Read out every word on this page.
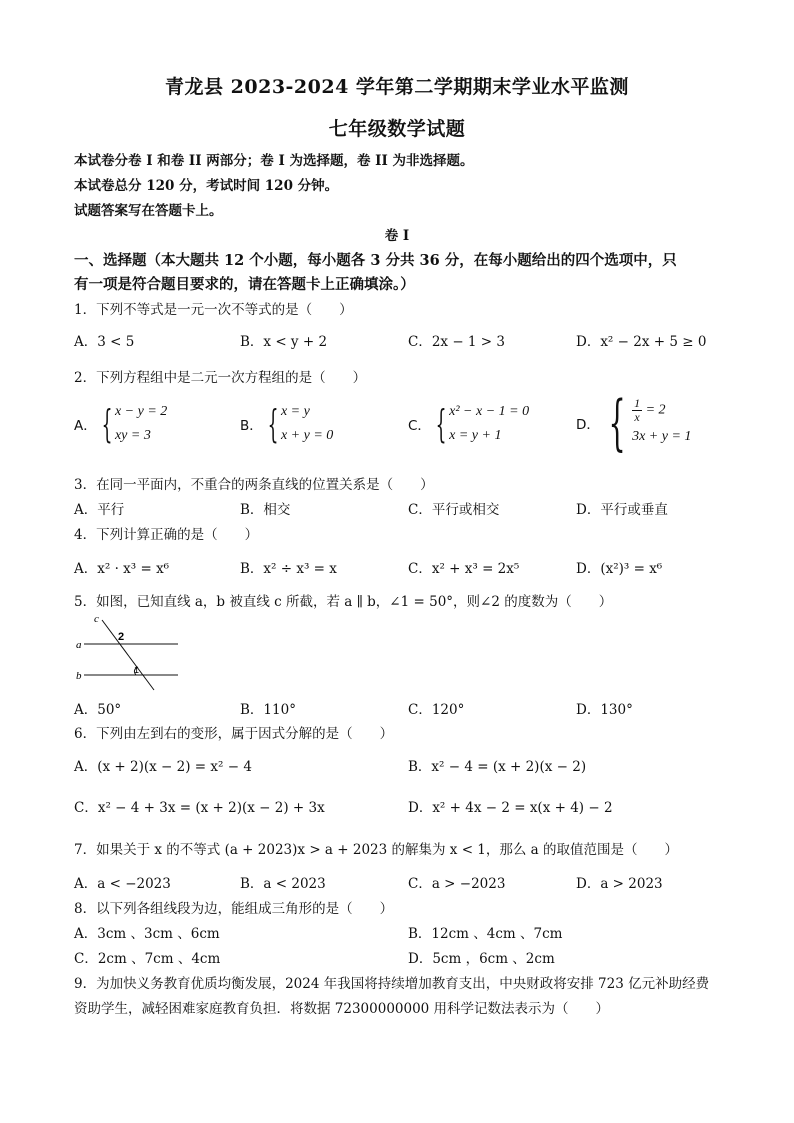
青龙县 2023-2024 学年第二学期期末学业水平监测
七年级数学试题
本试卷分卷 I 和卷 II 两部分；卷 I 为选择题，卷 II 为非选择题。
本试卷总分 120 分，考试时间 120 分钟。
试题答案写在答题卡上。
卷 I
一、选择题（本大题共 12 个小题，每小题各 3 分共 36 分，在每小题给出的四个选项中，只
有一项是符合题目要求的，请在答题卡上正确填涂。）
1．下列不等式是一元一次不等式的是（　　）
A．3 < 5	B．x < y + 2	C．2x − 1 > 3	D．x² − 2x + 5 ≥ 0
2．下列方程组中是二元一次方程组的是（　　）
A． { x − y = 2
xy = 3
B． { x = y
x + y = 0
C． { x² − x − 1 = 0
x = y + 1
D． { $\frac{1}{x} = 2$
3x + y = 1
3．在同一平面内，不重合的两条直线的位置关系是（　　）
A．平行	B．相交	C．平行或相交	D．平行或垂直
4．下列计算正确的是（　　）
A．x² · x³ = x⁶	B．x² ÷ x³ = x	C．x² + x³ = 2x⁵	D．(x²)³ = x⁶
5．如图，已知直线 a，b 被直线 c 所截，若 a ∥ b，∠1 = 50°，则∠2 的度数为（　　）
c
a
b
2
1
A．50°	B．110°	C．120°	D．130°
6．下列由左到右的变形，属于因式分解的是（　　）
A．(x + 2)(x − 2) = x² − 4	B．x² − 4 = (x + 2)(x − 2)
C．x² − 4 + 3x = (x + 2)(x − 2) + 3x	D．x² + 4x − 2 = x(x + 4) − 2
7．如果关于 x 的不等式 (a + 2023)x > a + 2023 的解集为 x < 1，那么 a 的取值范围是（　　）
A．a < −2023	B．a < 2023	C．a > −2023	D．a > 2023
8．以下列各组线段为边，能组成三角形的是（　　）
A．3cm 、3cm 、6cm	B．12cm 、4cm 、7cm
C．2cm 、7cm 、4cm	D．5cm ，6cm 、2cm
9．为加快义务教育优质均衡发展，2024 年我国将持续增加教育支出，中央财政将安排 723 亿元补助经费
资助学生，减轻困难家庭教育负担．将数据 72300000000 用科学记数法表示为（　　）
